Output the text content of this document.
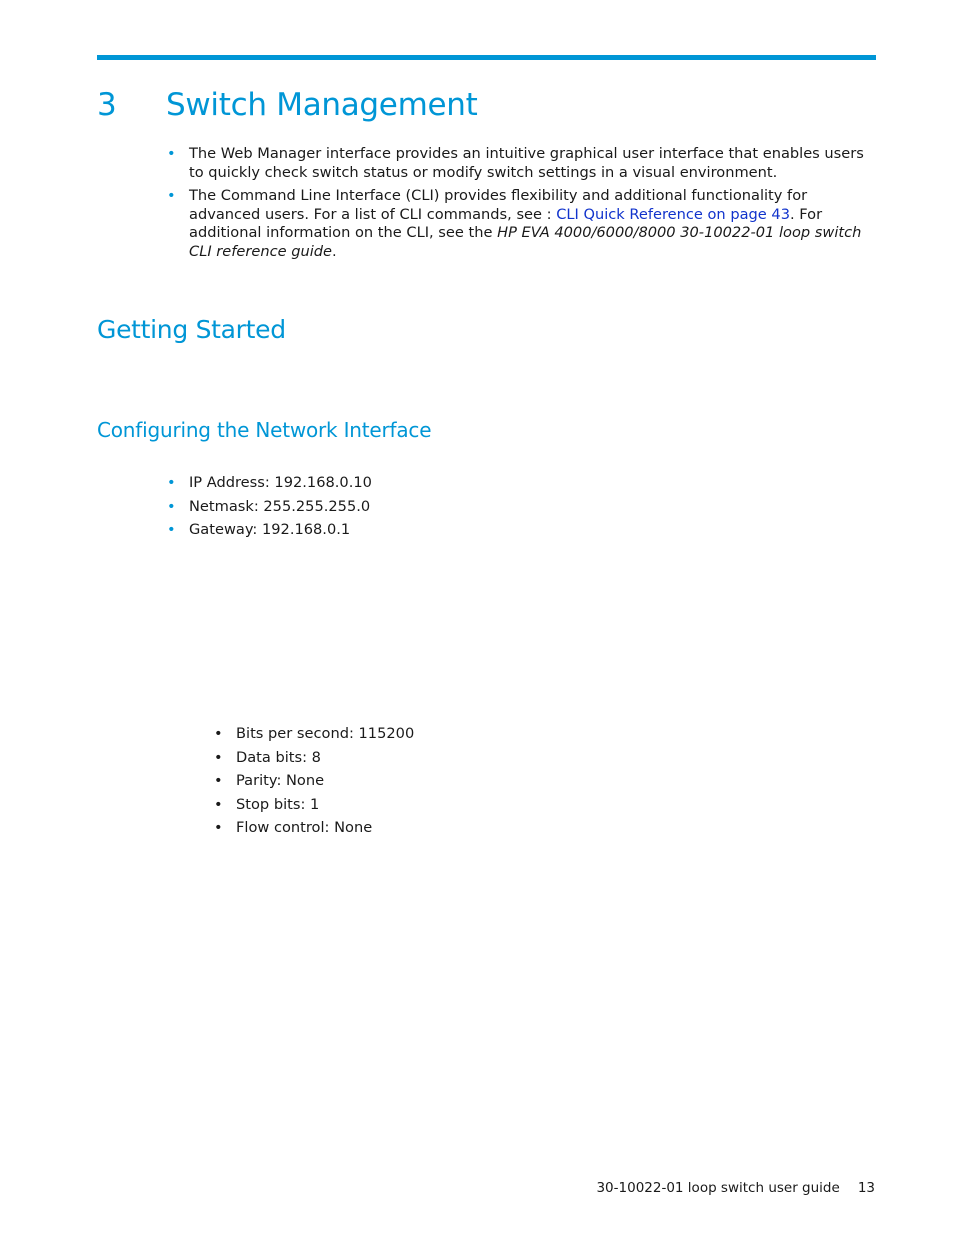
3	Switch Management
• The Web Manager interface provides an intuitive graphical user interface that enables users to quickly check switch status or modify switch settings in a visual environment.
• The Command Line Interface (CLI) provides flexibility and additional functionality for advanced users. For a list of CLI commands, see : CLI Quick Reference on page 43. For additional information on the CLI, see the HP EVA 4000/6000/8000 30-10022-01 loop switch CLI reference guide.
Getting Started
Configuring the Network Interface
• IP Address: 192.168.0.10
• Netmask: 255.255.255.0
• Gateway: 192.168.0.1
• Bits per second: 115200
• Data bits: 8
• Parity: None
• Stop bits: 1
• Flow control: None
30-10022-01 loop switch user guide 13
